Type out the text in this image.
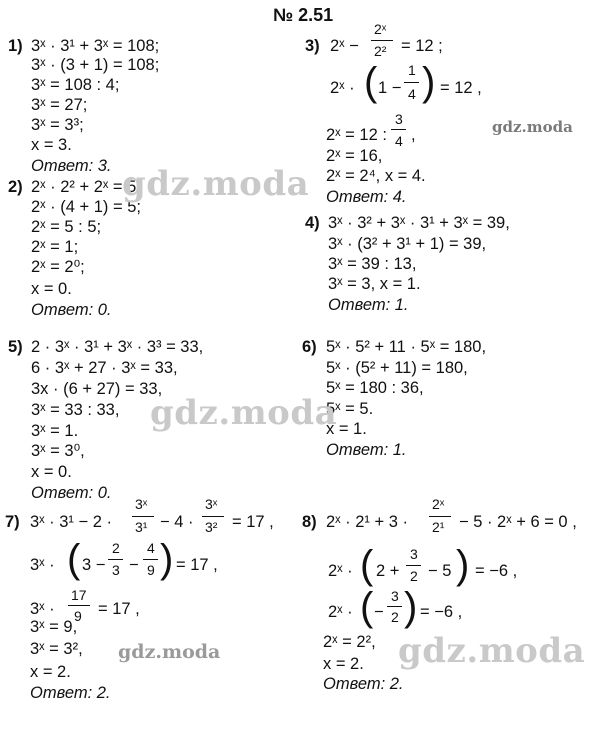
№ 2.51
1) 3ˣ · 3¹ + 3ˣ = 108;
3ˣ · (3 + 1) = 108;
3ˣ = 108 : 4;
3ˣ = 27;
3ˣ = 3³;
x = 3.
Ответ: 3.
2) 2ˣ · 2² + 2ˣ = 5;
2ˣ · (4 + 1) = 5;
2ˣ = 5 : 5;
2ˣ = 1;
2ˣ = 2⁰;
x = 0.
Ответ: 0.
3) 2ˣ −
2ˣ
2² = 12 ;
2ˣ · ( 1 −
1
4 ) = 12 ,
2ˣ = 12 :
3
4 ,
2ˣ = 16,
2ˣ = 2⁴, x = 4.
Ответ: 4.
4) 3ˣ · 3² + 3ˣ · 3¹ + 3ˣ = 39,
3ˣ · (3² + 3¹ + 1) = 39,
3ˣ = 39 : 13,
3ˣ = 3, x = 1.
Ответ: 1.
5) 2 · 3ˣ · 3¹ + 3ˣ · 3³ = 33,
6 · 3ˣ + 27 · 3ˣ = 33,
3x · (6 + 27) = 33,
3ˣ = 33 : 33,
3ˣ = 1.
3ˣ = 3⁰,
x = 0.
Ответ: 0.
6) 5ˣ · 5² + 11 · 5ˣ = 180,
5ˣ · (5² + 11) = 180,
5ˣ = 180 : 36,
5ˣ = 5.
x = 1.
Ответ: 1.
7) 3ˣ · 3¹ − 2 ·
3ˣ
3¹ − 4 ·
3ˣ
3² = 17 ,
3ˣ · ( 3 −
2
3 −
4
9 ) = 17 ,
3ˣ ·
17
9 = 17 ,
3ˣ = 9,
3ˣ = 3²,
x = 2.
Ответ: 2.
8) 2ˣ · 2¹ + 3 ·
2ˣ
2¹ − 5 · 2ˣ + 6 = 0 ,
2ˣ · ( 2 +
3
2 − 5 ) = −6 ,
2ˣ · ( −
3
2 ) = −6 ,
2ˣ = 2²,
x = 2.
Ответ: 2.
gdz.moda
gdz.moda
gdz.moda
gdz.moda
gdz.moda
